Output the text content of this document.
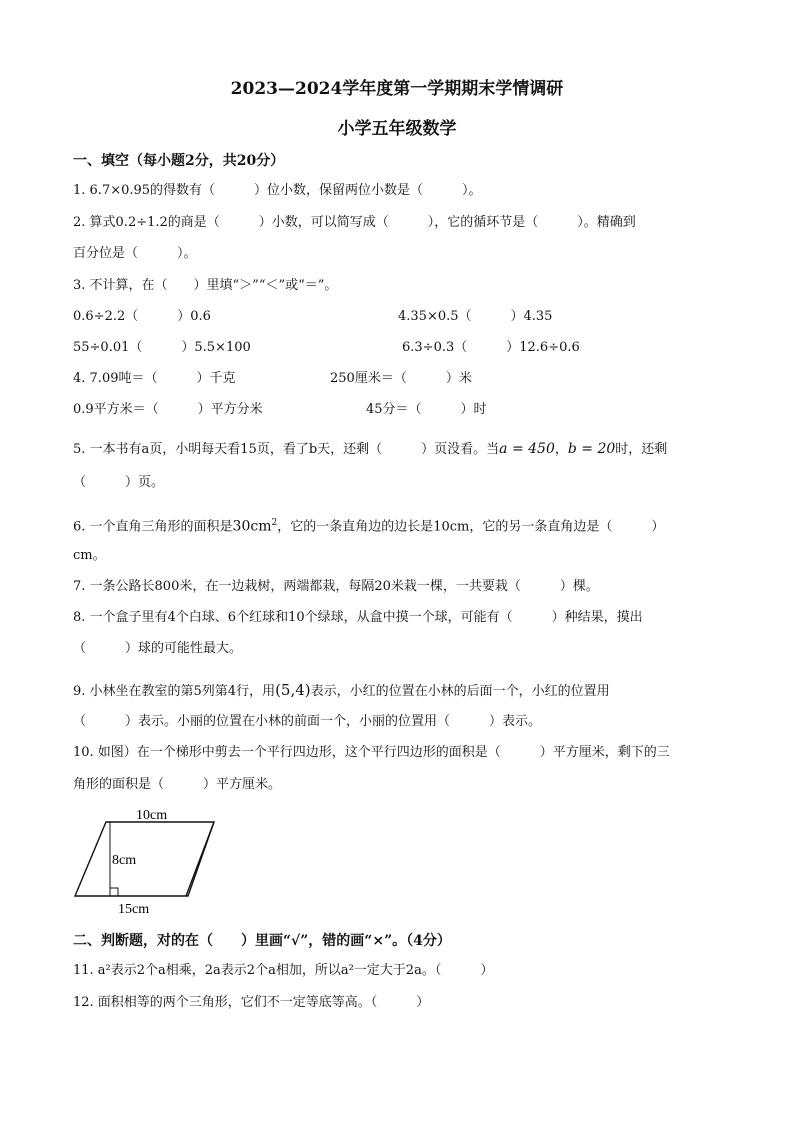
2023—2024学年度第一学期期末学情调研
小学五年级数学
一、填空（每小题2分，共20分）
1. 6.7×0.95的得数有（　　　）位小数，保留两位小数是（　　　）。
2. 算式0.2÷1.2的商是（　　　）小数，可以简写成（　　　），它的循环节是（　　　）。精确到
百分位是（　　　）。
3. 不计算，在（　　）里填“＞”“＜”或“＝”。
0.6÷2.2（　　　）0.6	4.35×0.5（　　　）4.35
55÷0.01（　　　）5.5×100	6.3÷0.3（　　　）12.6÷0.6
4. 7.09吨＝（　　　）千克	250厘米＝（　　　）米
0.9平方米＝（　　　）平方分米	45分＝（　　　）时
5. 一本书有a页，小明每天看15页，看了b天，还剩（　　　）页没看。当a = 450，b = 20时，还剩
（　　　）页。
6. 一个直角三角形的面积是$30cm^2$，它的一条直角边的边长是10cm，它的另一条直角边是（　　　）
cm。
7. 一条公路长800米，在一边栽树，两端都栽，每隔20米栽一棵，一共要栽（　　　）棵。
8. 一个盒子里有4个白球、6个红球和10个绿球，从盒中摸一个球，可能有（　　　）种结果，摸出
（　　　）球的可能性最大。
9. 小林坐在教室的第5列第4行，用(5,4)表示，小红的位置在小林的后面一个，小红的位置用
（　　　）表示。小丽的位置在小林的前面一个，小丽的位置用（　　　）表示。
10. 如图）在一个梯形中剪去一个平行四边形，这个平行四边形的面积是（　　　）平方厘米，剩下的三
角形的面积是（　　　）平方厘米。
10cm
8cm
15cm
二、判断题，对的在（　　）里画“√”，错的画“×”。（4分）
11. a²表示2个a相乘，2a表示2个a相加，所以a²一定大于2a。（　　　）
12. 面积相等的两个三角形，它们不一定等底等高。（　　　）
